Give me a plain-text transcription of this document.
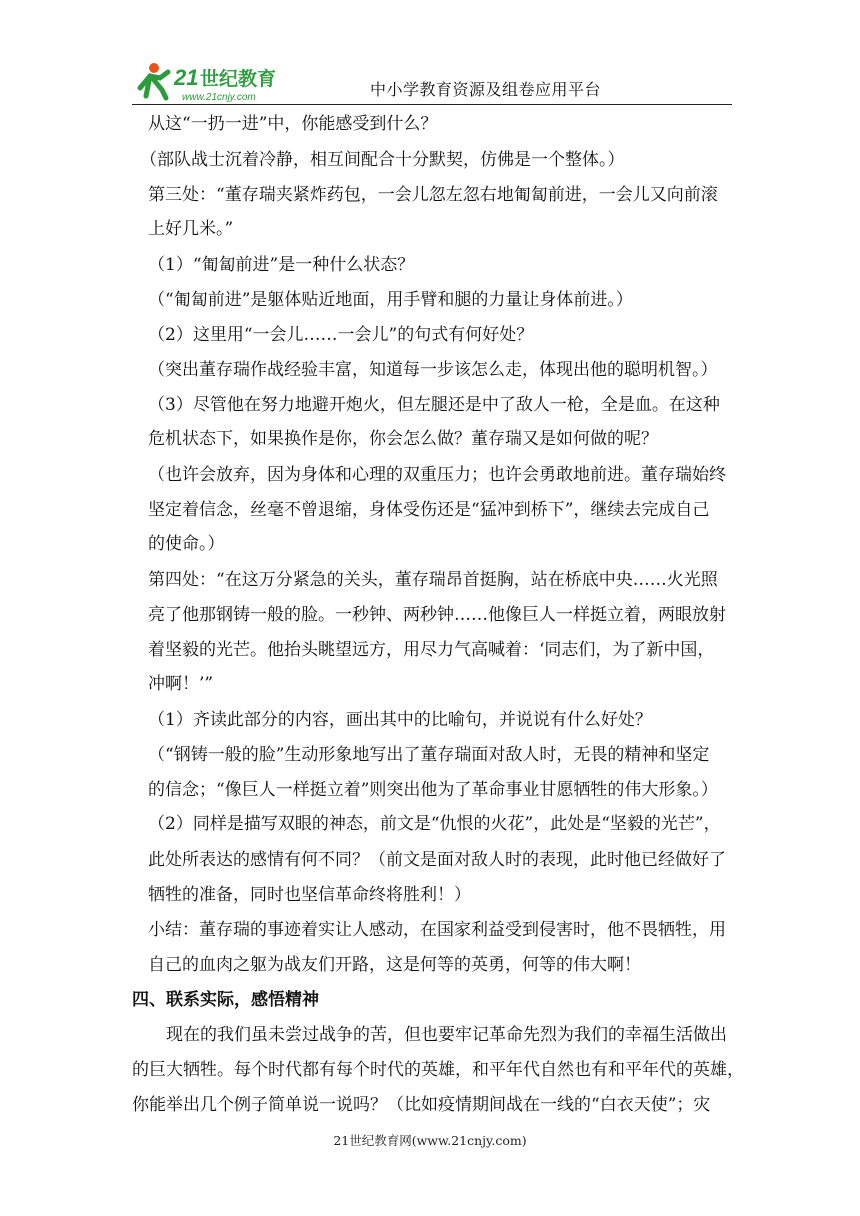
21 世纪教育
www.21cnjy.com	中小学教育资源及组卷应用平台
从这“一扔一进”中，你能感受到什么？
（部队战士沉着冷静，相互间配合十分默契，仿佛是一个整体。）
第三处：“董存瑞夹紧炸药包，一会儿忽左忽右地匍匐前进，一会儿又向前滚
上好几米。”
（1）“匍匐前进”是一种什么状态？
（“匍匐前进”是躯体贴近地面，用手臂和腿的力量让身体前进。）
（2）这里用“一会儿……一会儿”的句式有何好处？
（突出董存瑞作战经验丰富，知道每一步该怎么走，体现出他的聪明机智。）
（3）尽管他在努力地避开炮火，但左腿还是中了敌人一枪，全是血。在这种
危机状态下，如果换作是你，你会怎么做？董存瑞又是如何做的呢？
（也许会放弃，因为身体和心理的双重压力；也许会勇敢地前进。董存瑞始终
坚定着信念，丝毫不曾退缩，身体受伤还是“猛冲到桥下”，继续去完成自己
的使命。）
第四处：“在这万分紧急的关头，董存瑞昂首挺胸，站在桥底中央……火光照
亮了他那钢铸一般的脸。一秒钟、两秒钟……他像巨人一样挺立着，两眼放射
着坚毅的光芒。他抬头眺望远方，用尽力气高喊着：‘同志们，为了新中国，
冲啊！’”
（1）齐读此部分的内容，画出其中的比喻句，并说说有什么好处？
（“钢铸一般的脸”生动形象地写出了董存瑞面对敌人时，无畏的精神和坚定
的信念；“像巨人一样挺立着”则突出他为了革命事业甘愿牺牲的伟大形象。）
（2）同样是描写双眼的神态，前文是“仇恨的火花”，此处是“坚毅的光芒”，
此处所表达的感情有何不同？（前文是面对敌人时的表现，此时他已经做好了
牺牲的准备，同时也坚信革命终将胜利！）
小结：董存瑞的事迹着实让人感动，在国家利益受到侵害时，他不畏牺牲，用
自己的血肉之躯为战友们开路，这是何等的英勇，何等的伟大啊！
四、联系实际，感悟精神
现在的我们虽未尝过战争的苦，但也要牢记革命先烈为我们的幸福生活做出
的巨大牺牲。每个时代都有每个时代的英雄，和平年代自然也有和平年代的英雄，
你能举出几个例子简单说一说吗？（比如疫情期间战在一线的“白衣天使”；灾
21世纪教育网(www.21cnjy.com)
